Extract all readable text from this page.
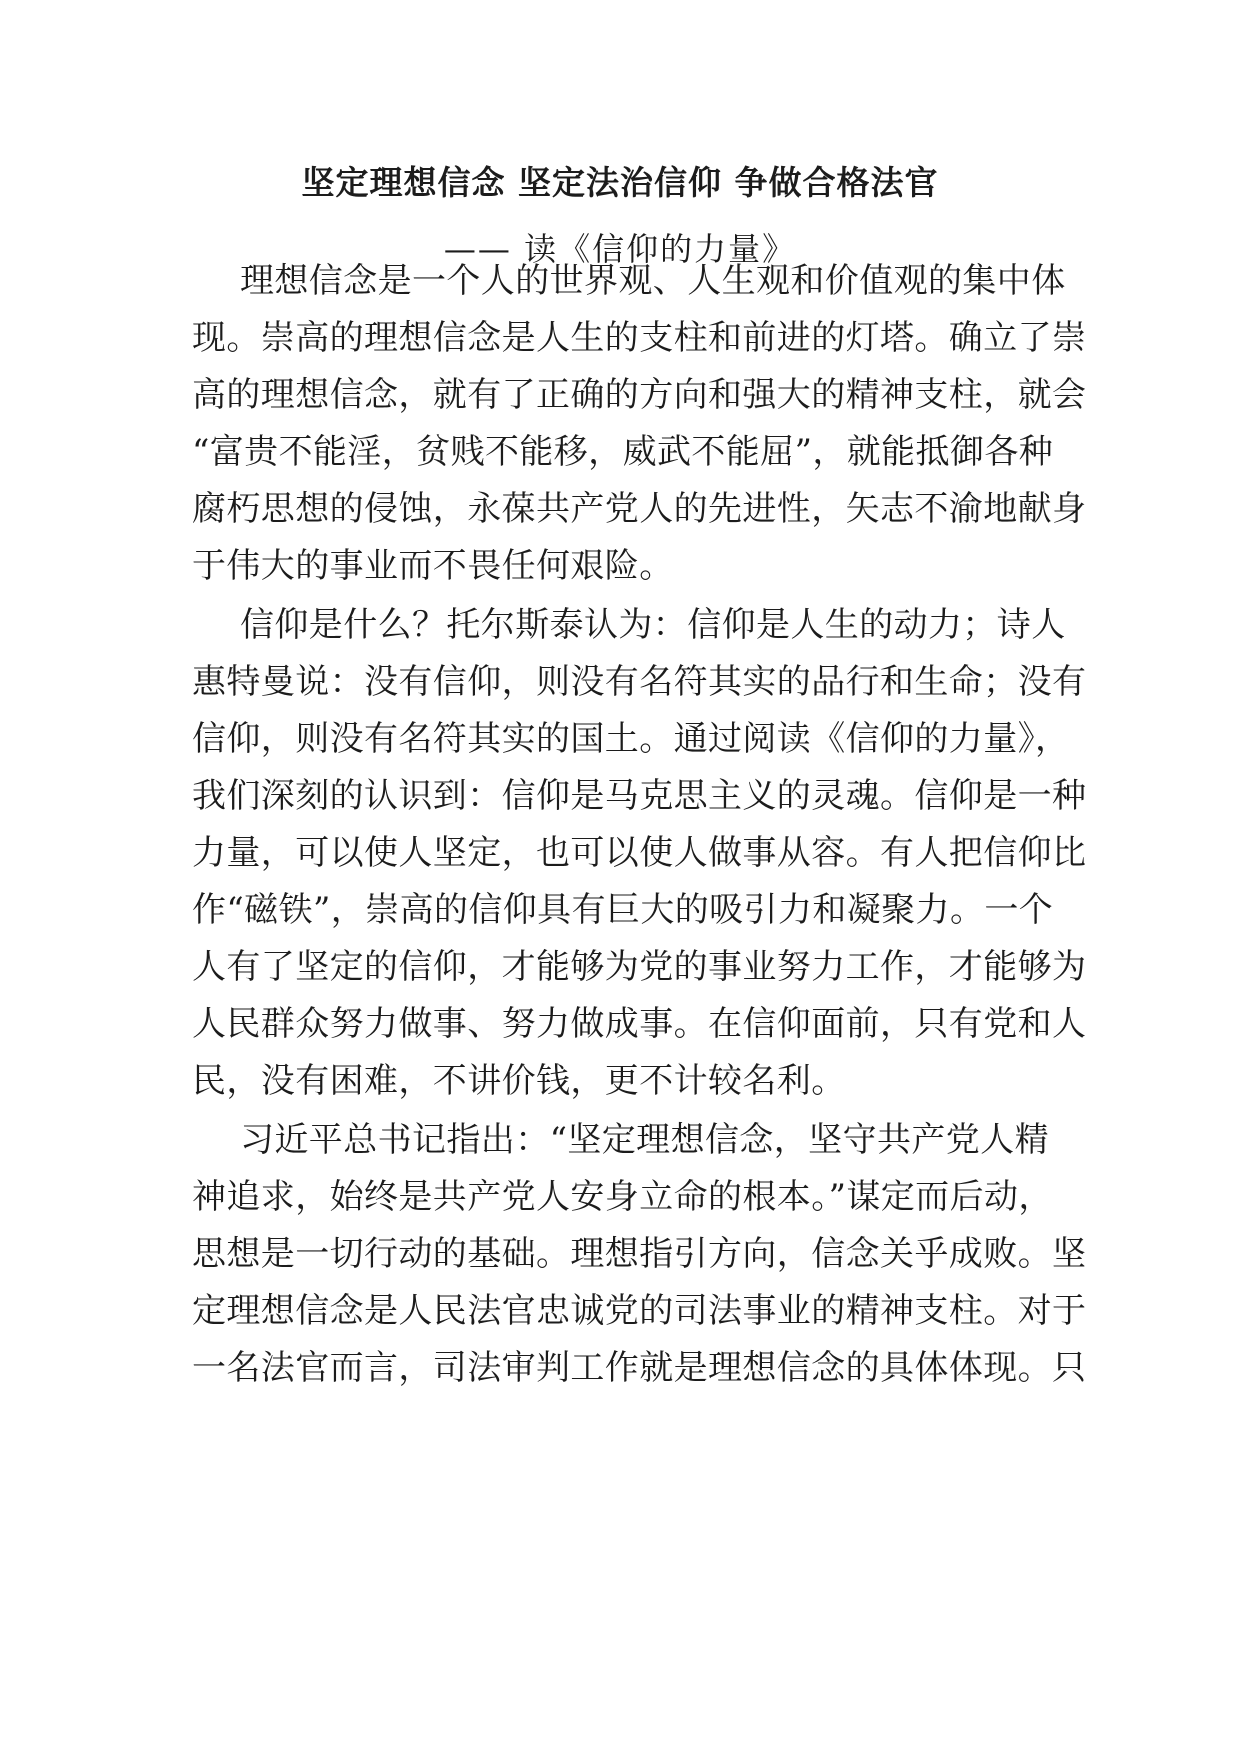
坚定理想信念 坚定法治信仰 争做合格法官
—— 读《信仰的力量》
理想信念是一个人的世界观、人生观和价值观的集中体
现。崇高的理想信念是人生的支柱和前进的灯塔。确立了崇
高的理想信念，就有了正确的方向和强大的精神支柱，就会
“富贵不能淫，贫贱不能移，威武不能屈”，就能抵御各种
腐朽思想的侵蚀，永葆共产党人的先进性，矢志不渝地献身
于伟大的事业而不畏任何艰险。
信仰是什么？托尔斯泰认为：信仰是人生的动力；诗人
惠特曼说：没有信仰，则没有名符其实的品行和生命；没有
信仰，则没有名符其实的国土。通过阅读《信仰的力量》，
我们深刻的认识到：信仰是马克思主义的灵魂。信仰是一种
力量，可以使人坚定，也可以使人做事从容。有人把信仰比
作“磁铁”，崇高的信仰具有巨大的吸引力和凝聚力。一个
人有了坚定的信仰，才能够为党的事业努力工作，才能够为
人民群众努力做事、努力做成事。在信仰面前，只有党和人
民，没有困难，不讲价钱，更不计较名利。
习近平总书记指出：“坚定理想信念，坚守共产党人精
神追求，始终是共产党人安身立命的根本。”谋定而后动，
思想是一切行动的基础。理想指引方向，信念关乎成败。坚
定理想信念是人民法官忠诚党的司法事业的精神支柱。对于
一名法官而言，司法审判工作就是理想信念的具体体现。只
